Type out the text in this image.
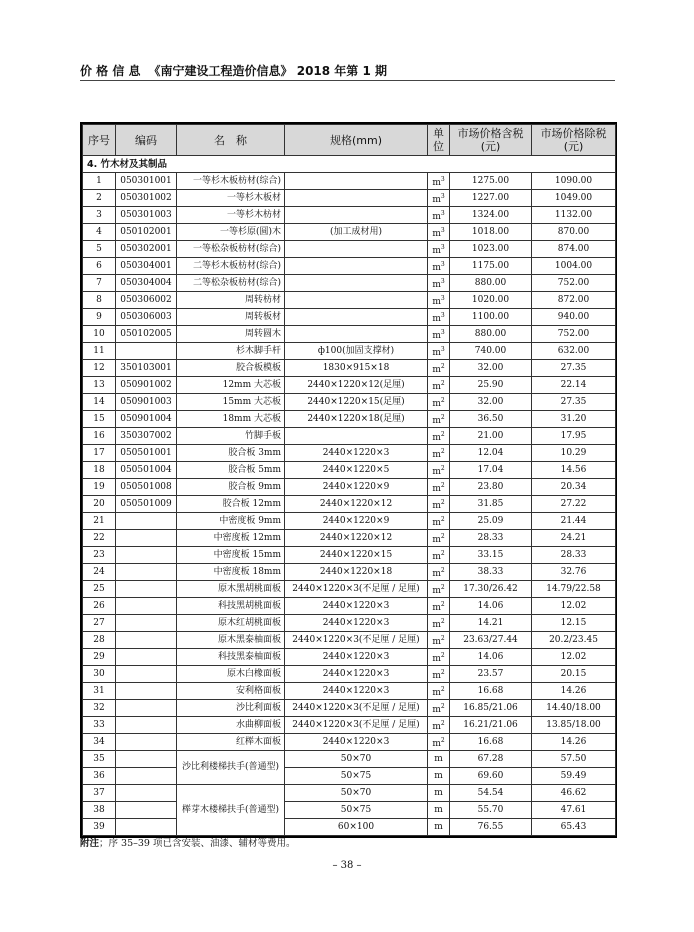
价 格 信 息 《南宁建设工程造价信息》 2018 年第 1 期
序号	编码	名　称	规格(mm)	单位	市场价格含税(元)	市场价格除税(元)
4. 竹木材及其制品						
1	050301001	一等杉木板枋材(综合)		$m^3$	1275.00	1090.00
2	050301002	一等杉木板材		$m^3$	1227.00	1049.00
3	050301003	一等杉木枋材		$m^3$	1324.00	1132.00
4	050102001	一等杉原(圆)木	(加工成材用)	$m^3$	1018.00	870.00
5	050302001	一等松杂板枋材(综合)		$m^3$	1023.00	874.00
6	050304001	二等杉木板枋材(综合)		$m^3$	1175.00	1004.00
7	050304004	二等松杂板枋材(综合)		$m^3$	880.00	752.00
8	050306002	周转枋材		$m^3$	1020.00	872.00
9	050306003	周转板材		$m^3$	1100.00	940.00
10	050102005	周转圆木		$m^3$	880.00	752.00
11		杉木脚手杆	ф100(加固支撑材)	$m^3$	740.00	632.00
12	350103001	胶合板模板	1830×915×18	$m^2$	32.00	27.35
13	050901002	12mm 大芯板	2440×1220×12(足厘)	$m^2$	25.90	22.14
14	050901003	15mm 大芯板	2440×1220×15(足厘)	$m^2$	32.00	27.35
15	050901004	18mm 大芯板	2440×1220×18(足厘)	$m^2$	36.50	31.20
16	350307002	竹脚手板		$m^2$	21.00	17.95
17	050501001	胶合板 3mm	2440×1220×3	$m^2$	12.04	10.29
18	050501004	胶合板 5mm	2440×1220×5	$m^2$	17.04	14.56
19	050501008	胶合板 9mm	2440×1220×9	$m^2$	23.80	20.34
20	050501009	胶合板 12mm	2440×1220×12	$m^2$	31.85	27.22
21		中密度板 9mm	2440×1220×9	$m^2$	25.09	21.44
22		中密度板 12mm	2440×1220×12	$m^2$	28.33	24.21
23		中密度板 15mm	2440×1220×15	$m^2$	33.15	28.33
24		中密度板 18mm	2440×1220×18	$m^2$	38.33	32.76
25		原木黑胡桃面板	2440×1220×3(不足厘 / 足厘)	$m^2$	17.30/26.42	14.79/22.58
26		科技黑胡桃面板	2440×1220×3	$m^2$	14.06	12.02
27		原木红胡桃面板	2440×1220×3	$m^2$	14.21	12.15
28		原木黑泰柚面板	2440×1220×3(不足厘 / 足厘)	$m^2$	23.63/27.44	20.2/23.45
29		科技黑泰柚面板	2440×1220×3	$m^2$	14.06	12.02
30		原木白橡面板	2440×1220×3	$m^2$	23.57	20.15
31		安利格面板	2440×1220×3	$m^2$	16.68	14.26
32		沙比利面板	2440×1220×3(不足厘 / 足厘)	$m^2$	16.85/21.06	14.40/18.00
33		水曲柳面板	2440×1220×3(不足厘 / 足厘)	$m^2$	16.21/21.06	13.85/18.00
34		红榉木面板	2440×1220×3	$m^2$	16.68	14.26
35		沙比利楼梯扶手(普通型)	50×70	m	67.28	57.50
36			50×75	m	69.60	59.49
37		榉芽木楼梯扶手(普通型)	50×70	m	54.54	46.62
38			50×75	m	55.70	47.61
39			60×100	m	76.55	65.43
附注；序 35–39 项已含安装、油漆、辅材等费用。
– 38 –
